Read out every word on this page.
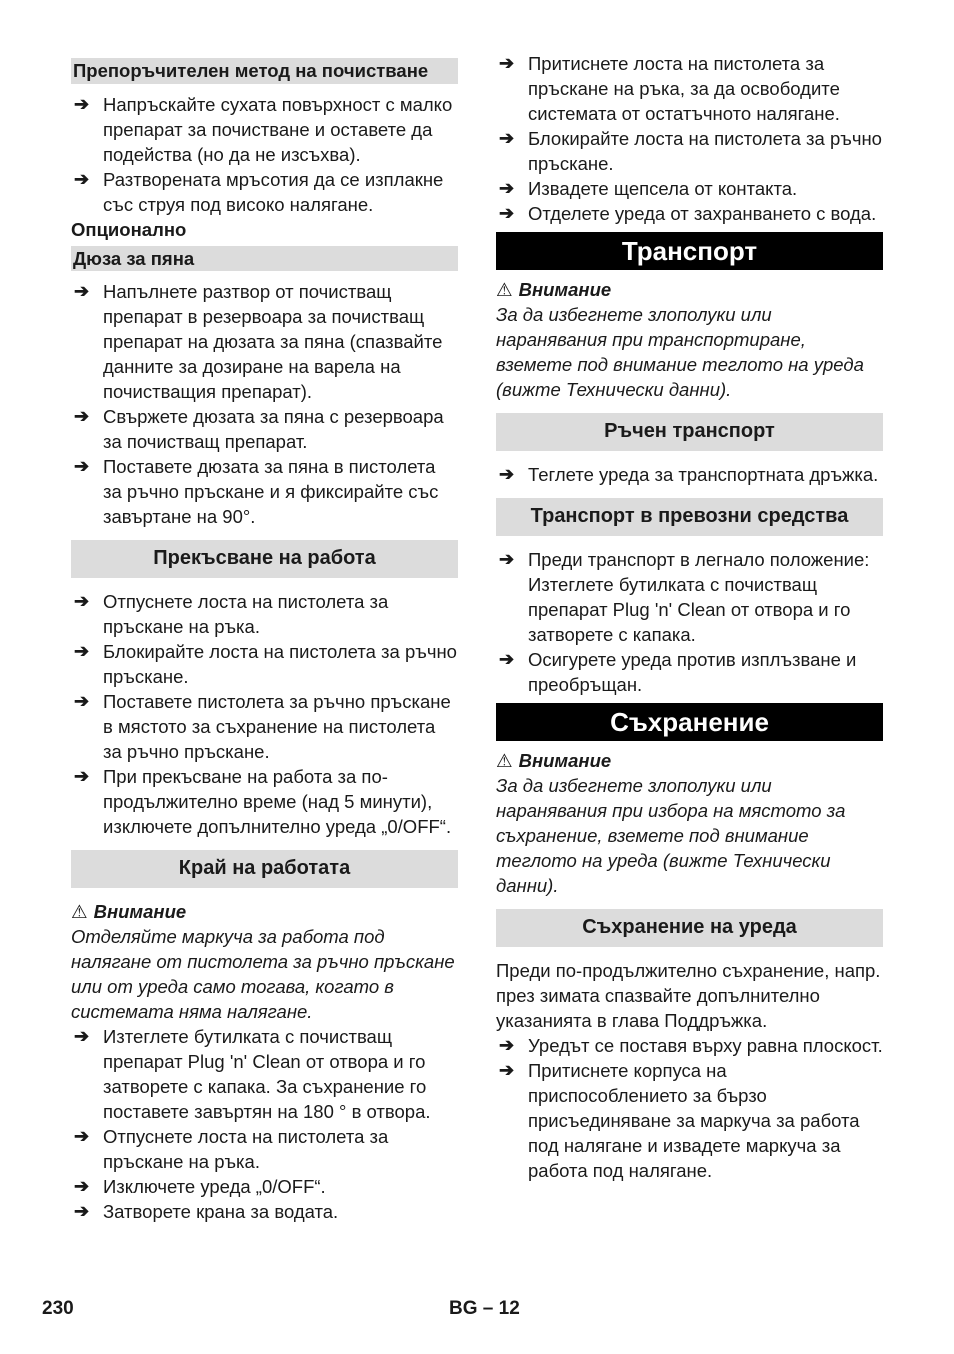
Препоръчителен метод на почистване
➔ Напръскайте сухата повърхност с малко препарат за почистване и оставете да подейства (но да не изсъхва).
➔ Разтворената мръсотия да се изплакне със струя под високо налягане.
Опционално
Дюза за пяна
➔ Напълнете разтвор от почистващ препарат в резервоара за почистващ препарат на дюзата за пяна (спазвайте данните за дозиране на варела на почистващия препарат).
➔ Свържете дюзата за пяна с резервоара за почистващ препарат.
➔ Поставете дюзата за пяна в пистолета за ръчно пръскане и я фиксирайте със завъртане на 90°.
Прекъсване на работа
➔ Отпуснете лоста на пистолета за пръскане на ръка.
➔ Блокирайте лоста на пистолета за ръчно пръскане.
➔ Поставете пистолета за ръчно пръскане в мястото за съхранение на пистолета за ръчно пръскане.
➔ При прекъсване на работа за по-продължително време (над 5 минути), изключете допълнително уреда „0/OFF“.
Край на работата
⚠ Внимание
Отделяйте маркуча за работа под налягане от пистолета за ръчно пръскане или от уреда само тогава, когато в системата няма налягане.
➔ Изтеглете бутилката с почистващ препарат Plug 'n' Clean от отвора и го затворете с капака. За съхранение го поставете завъртян на 180 ° в отвора.
➔ Отпуснете лоста на пистолета за пръскане на ръка.
➔ Изключете уреда „0/OFF“.
➔ Затворете крана за водата.
➔ Притиснете лоста на пистолета за пръскане на ръка, за да освободите системата от остатъчното налягане.
➔ Блокирайте лоста на пистолета за ръчно пръскане.
➔ Извадете щепсела от контакта.
➔ Отделете уреда от захранването с вода.
Транспорт
⚠ Внимание
За да избегнете злополуки или наранявания при транспортиране, вземете под внимание теглото на уреда (вижте Технически данни).
Ръчен транспорт
➔ Теглете уреда за транспортната дръжка.
Транспорт в превозни средства
➔ Преди транспорт в легнало положение: Изтеглете бутилката с почистващ препарат Plug 'n' Clean от отвора и го затворете с капака.
➔ Осигурете уреда против изплъзване и преобръщан.
Съхранение
⚠ Внимание
За да избегнете злополуки или наранявания при избора на мястото за съхранение, вземете под внимание теглото на уреда (вижте Технически данни).
Съхранение на уреда
Преди по-продължително съхранение, напр. през зимата спазвайте допълнително указанията в глава Поддръжка.
➔ Уредът се поставя върху равна плоскост.
➔ Притиснете корпуса на приспособлението за бързо присъединяване за маркуча за работа под налягане и извадете маркуча за работа под налягане.
230	BG – 12
